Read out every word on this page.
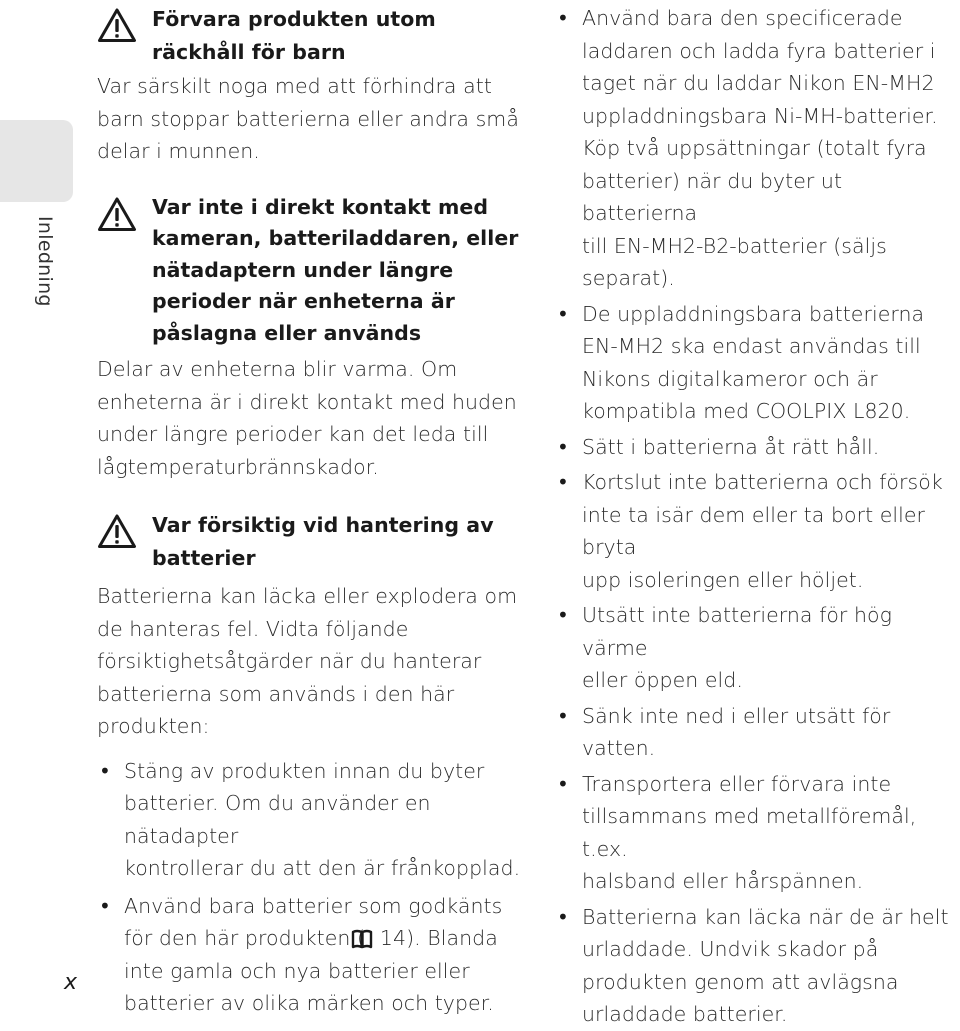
Inledning

Förvara produkten utom
räckhåll för barn

Var särskilt noga med att förhindra att
barn stoppar batterierna eller andra små
delar i munnen.

Var inte i direkt kontakt med
kameran, batteriladdaren, eller
nätadaptern under längre
perioder när enheterna är
påslagna eller används

Delar av enheterna blir varma. Om
enheterna är i direkt kontakt med huden
under längre perioder kan det leda till
lågtemperaturbrännskador.

Var försiktig vid hantering av
batterier

Batterierna kan läcka eller explodera om
de hanteras fel. Vidta följande
försiktighetsåtgärder när du hanterar
batterierna som används i den här
produkten:

• Stäng av produkten innan du byter
batterier. Om du använder en nätadapter
kontrollerar du att den är frånkopplad.
• Använd bara batterier som godkänts
för den här produkten (   14). Blanda
inte gamla och nya batterier eller
batterier av olika märken och typer.
• Använd bara den specificerade
laddaren och ladda fyra batterier i
taget när du laddar Nikon EN-MH2
uppladdningsbara Ni-MH-batterier.
Köp två uppsättningar (totalt fyra
batterier) när du byter ut batterierna
till EN-MH2-B2-batterier (säljs separat).
• De uppladdningsbara batterierna
EN-MH2 ska endast användas till
Nikons digitalkameror och är
kompatibla med COOLPIX L820.
• Sätt i batterierna åt rätt håll.
• Kortslut inte batterierna och försök
inte ta isär dem eller ta bort eller bryta
upp isoleringen eller höljet.
• Utsätt inte batterierna för hög värme
eller öppen eld.
• Sänk inte ned i eller utsätt för vatten.
• Transportera eller förvara inte
tillsammans med metallföremål, t.ex.
halsband eller hårspännen.
• Batterierna kan läcka när de är helt
urladdade. Undvik skador på
produkten genom att avlägsna
urladdade batterier.
x
